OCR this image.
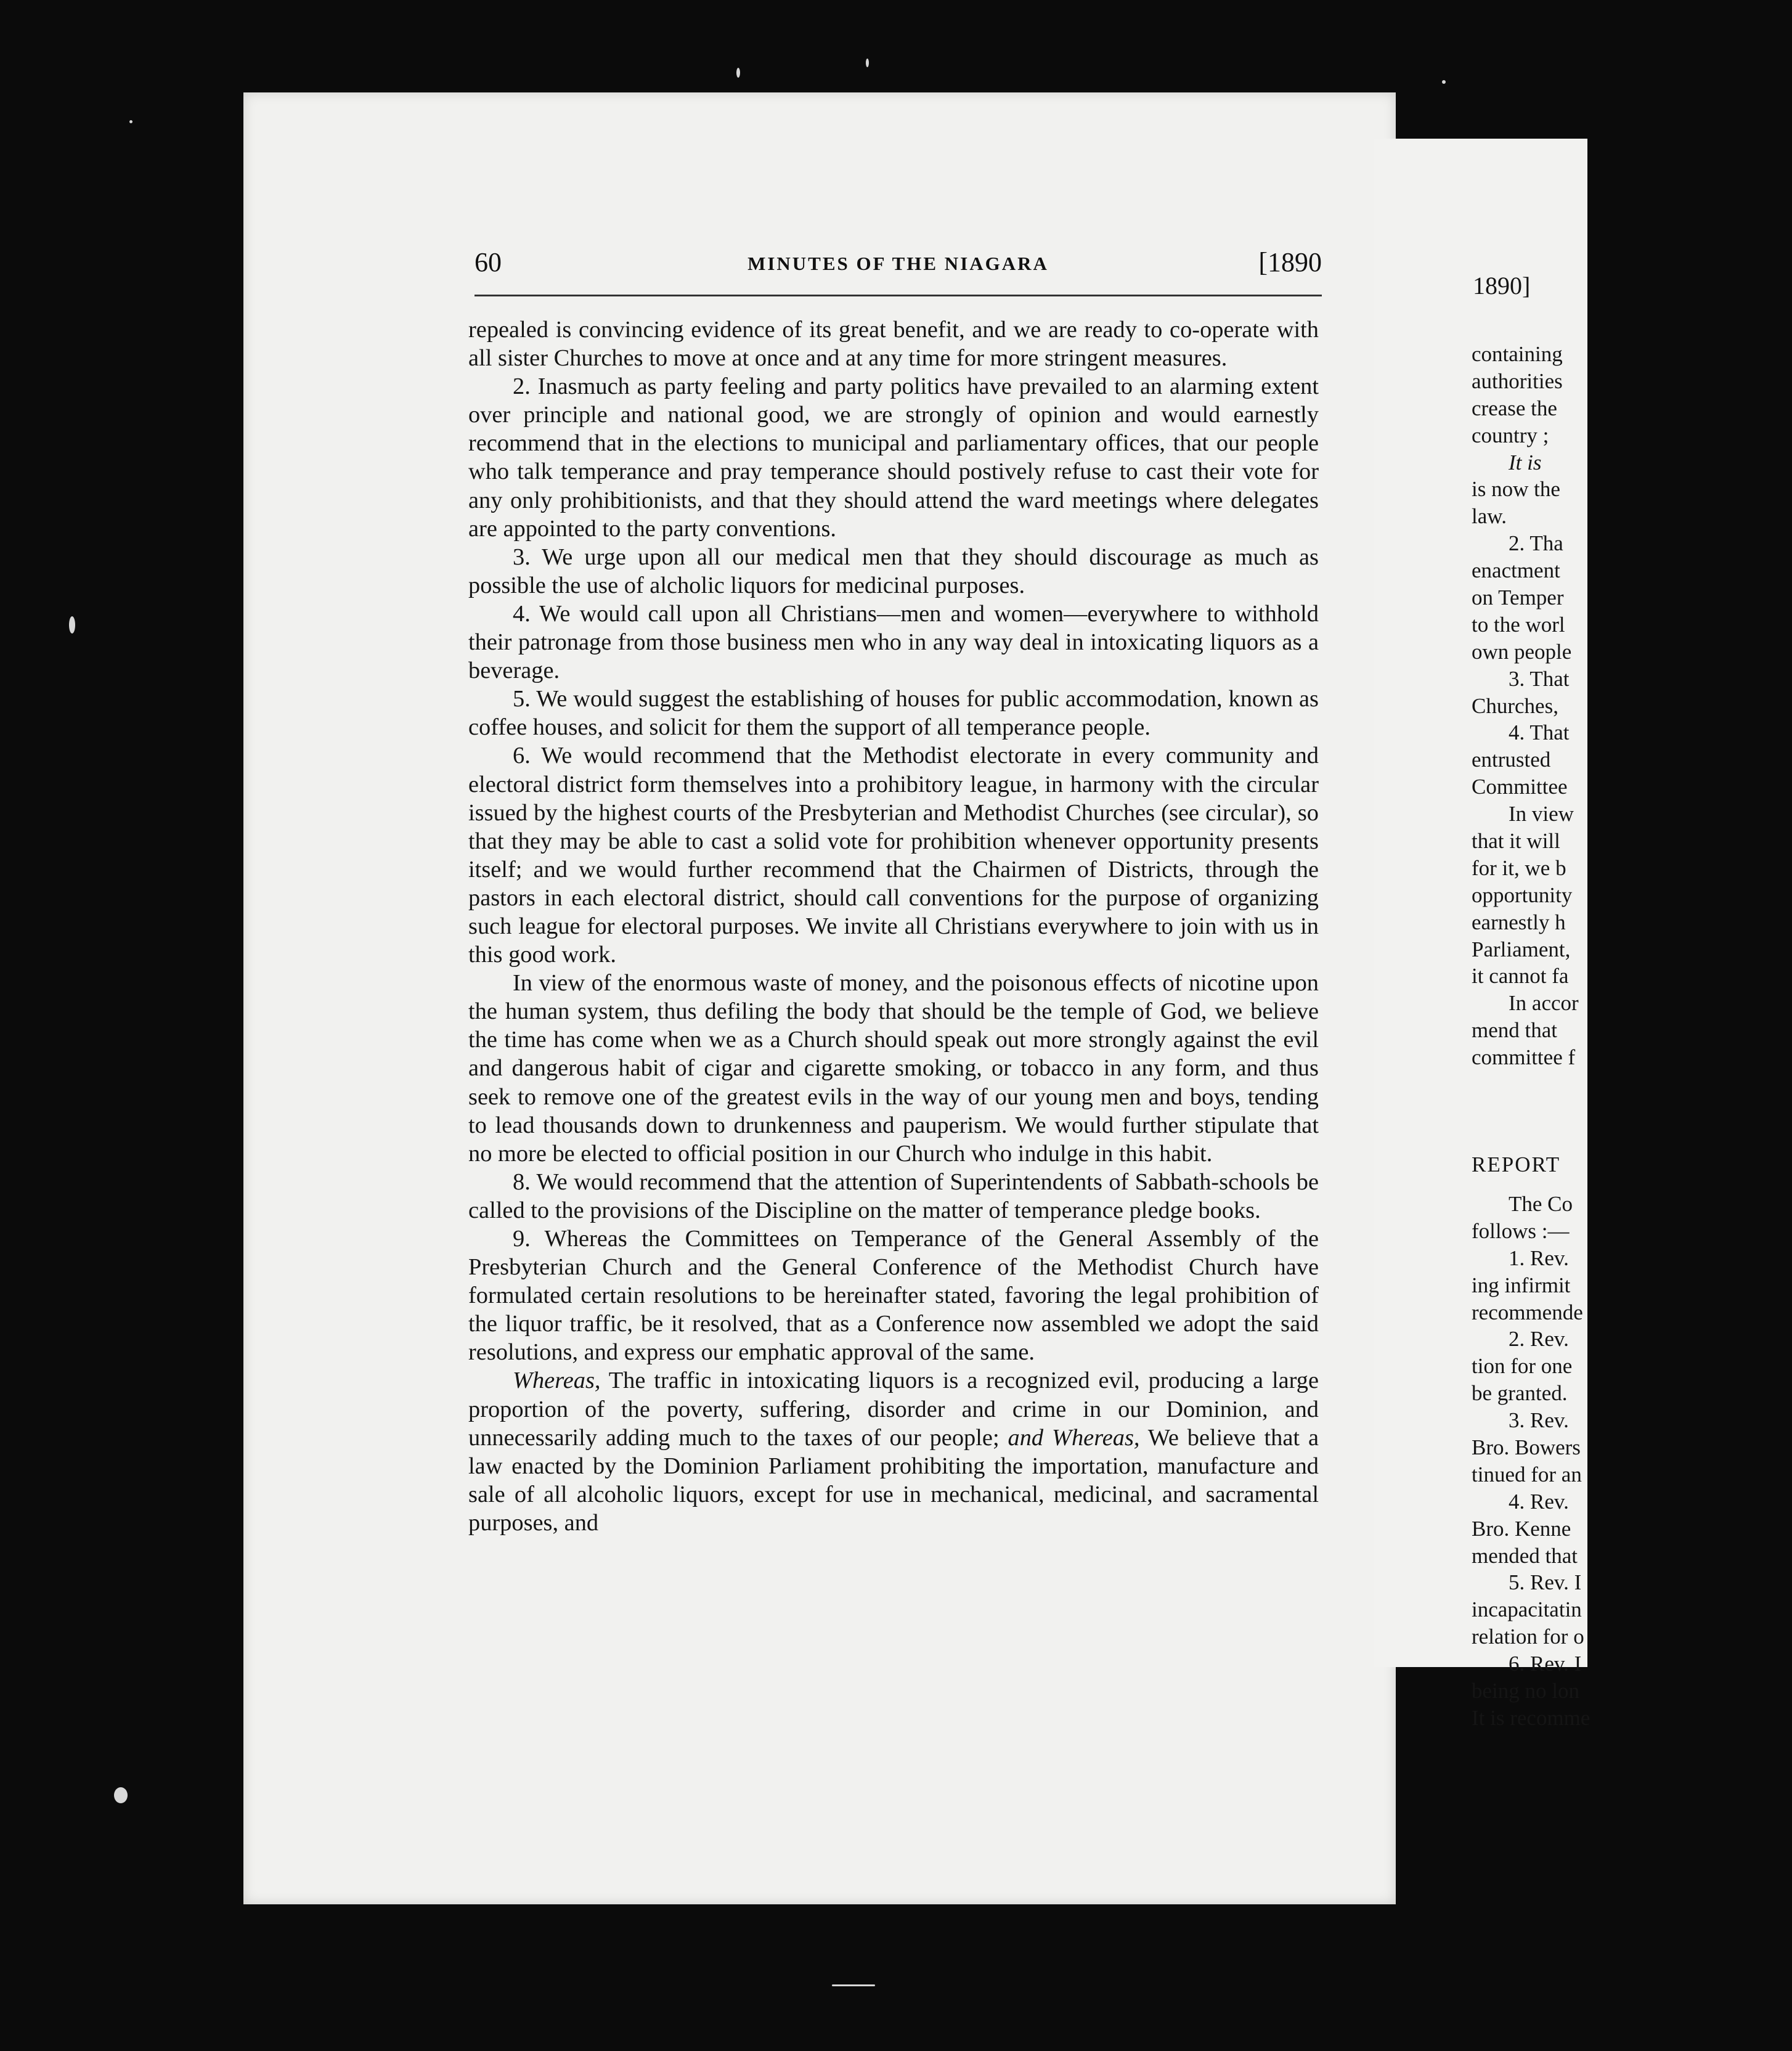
60	MINUTES OF THE NIAGARA	[1890

repealed is convincing evidence of its great benefit, and we are ready to co-operate with all sister Churches to move at once and at any time for more stringent measures.

2. Inasmuch as party feeling and party politics have prevailed to an alarming extent over principle and national good, we are strongly of opinion and would earnestly recommend that in the elections to municipal and parliamentary offices, that our people who talk temperance and pray temperance should postively refuse to cast their vote for any only prohibitionists, and that they should attend the ward meetings where delegates are appointed to the party conventions.

3. We urge upon all our medical men that they should discourage as much as possible the use of alcholic liquors for medicinal purposes.

4. We would call upon all Christians—men and women—everywhere to withhold their patronage from those business men who in any way deal in intoxicating liquors as a beverage.

5. We would suggest the establishing of houses for public accommodation, known as coffee houses, and solicit for them the support of all temperance people.

6. We would recommend that the Methodist electorate in every community and electoral district form themselves into a prohibitory league, in harmony with the circular issued by the highest courts of the Presbyterian and Methodist Churches (see circular), so that they may be able to cast a solid vote for prohibition whenever opportunity presents itself; and we would further recommend that the Chairmen of Districts, through the pastors in each electoral district, should call conventions for the purpose of organizing such league for electoral purposes. We invite all Christians everywhere to join with us in this good work.

In view of the enormous waste of money, and the poisonous effects of nicotine upon the human system, thus defiling the body that should be the temple of God, we believe the time has come when we as a Church should speak out more strongly against the evil and dangerous habit of cigar and cigarette smoking, or tobacco in any form, and thus seek to remove one of the greatest evils in the way of our young men and boys, tending to lead thousands down to drunkenness and pauperism. We would further stipulate that no more be elected to official position in our Church who indulge in this habit.

8. We would recommend that the attention of Superintendents of Sabbath-schools be called to the provisions of the Discipline on the matter of temperance pledge books.

9. Whereas the Committees on Temperance of the General Assembly of the Presbyterian Church and the General Conference of the Methodist Church have formulated certain resolutions to be hereinafter stated, favoring the legal prohibition of the liquor traffic, be it resolved, that as a Conference now assembled we adopt the said resolutions, and express our emphatic approval of the same.

Whereas, The traffic in intoxicating liquors is a recognized evil, producing a large proportion of the poverty, suffering, disorder and crime in our Dominion, and unnecessarily adding much to the taxes of our people; and Whereas, We believe that a law enacted by the Dominion Parliament prohibiting the importation, manufacture and sale of all alcoholic liquors, except for use in mechanical, medicinal, and sacramental purposes, and

1890]
containing
authorities
crease the
country ;
It is
is now the
law.
2. Tha
enactment
on Temper
to the worl
own people
3. That
Churches,
4. That
entrusted
Committee
In view
that it will
for it, we b
opportunity
earnestly h
Parliament,
it cannot fa
In accor
mend that
committee f
REPORT
The Co
follows :—
1. Rev.
ing infirmit
recommende
2. Rev.
tion for one
be granted.
3. Rev.
Bro. Bowers
tinued for an
4. Rev.
Bro. Kenne
mended that
5. Rev. I
incapacitatin
relation for o
6. Rev. I
being no lon
It is recomme
